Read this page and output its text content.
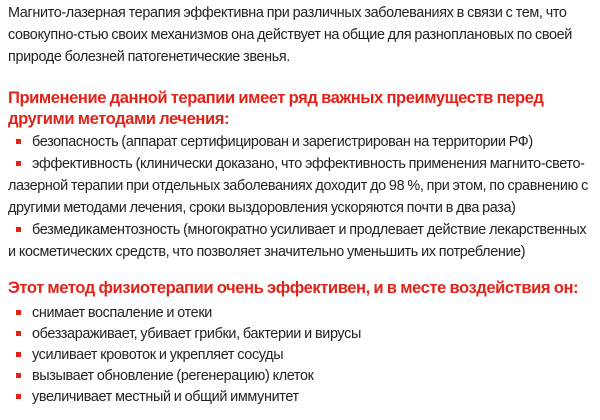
Магнито-лазерная терапия эффективна при различных заболеваниях в связи с тем, что совокупно-стью своих механизмов она действует на общие для разноплановых по своей природе болезней патогенетические звенья.

Применение данной терапии имеет ряд важных преимуществ перед другими методами лечения:
безопасность (аппарат сертифицирован и зарегистрирован на территории РФ)
эффективность (клинически доказано, что эффективность применения магнито-свето-лазерной терапии при отдельных заболеваниях доходит до 98 %, при этом, по сравнению с другими методами лечения, сроки выздоровления ускоряются почти в два раза)
безмедикаментозность (многократно усиливает и продлевает действие лекарственных и косметических средств, что позволяет значительно уменьшить их потребление)
Этот метод физиотерапии очень эффективен, и в месте воздействия он:
снимает воспаление и отеки
обеззараживает, убивает грибки, бактерии и вирусы
усиливает кровоток и укрепляет сосуды
вызывает обновление (регенерацию) клеток
увеличивает местный и общий иммунитет
